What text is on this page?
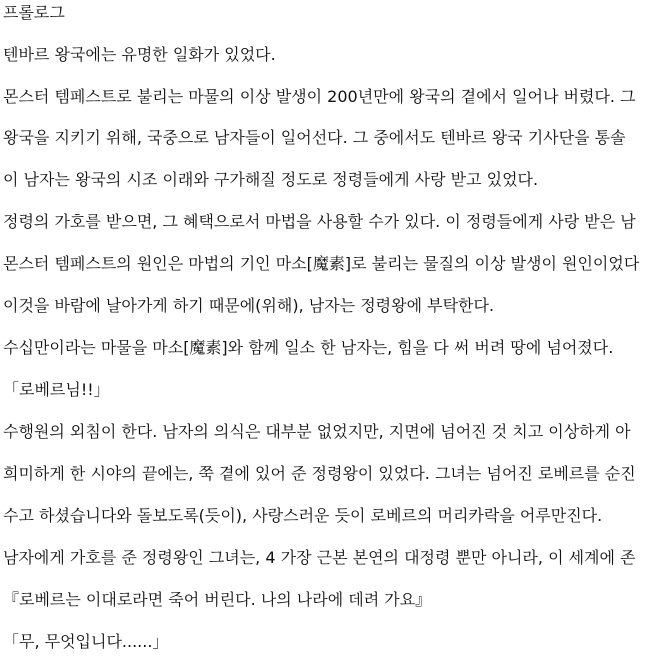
프롤로그
텐바르 왕국에는 유명한 일화가 있었다.
몬스터 템페스트로 불리는 마물의 이상 발생이 200년만에 왕국의 곁에서 일어나 버렸다. 그
왕국을 지키기 위해, 국중으로 남자들이 일어선다. 그 중에서도 텐바르 왕국 기사단을 통솔
이 남자는 왕국의 시조 이래와 구가해질 정도로 정령들에게 사랑 받고 있었다.
정령의 가호를 받으면, 그 혜택으로서 마법을 사용할 수가 있다. 이 정령들에게 사랑 받은 남
몬스터 템페스트의 원인은 마법의 기인 마소[魔素]로 불리는 물질의 이상 발생이 원인이었다
이것을 바람에 날아가게 하기 때문에(위해), 남자는 정령왕에 부탁한다.
수십만이라는 마물을 마소[魔素]와 함께 일소 한 남자는, 힘을 다 써 버려 땅에 넘어졌다.
「로베르님!!」
수행원의 외침이 한다. 남자의 의식은 대부분 없었지만, 지면에 넘어진 것 치고 이상하게 아
희미하게 한 시야의 끝에는, 쭉 곁에 있어 준 정령왕이 있었다. 그녀는 넘어진 로베르를 순진
수고 하셨습니다와 돌보도록(듯이), 사랑스러운 듯이 로베르의 머리카락을 어루만진다.
남자에게 가호를 준 정령왕인 그녀는, 4 가장 근본 본연의 대정령 뿐만 아니라, 이 세계에 존
『로베르는 이대로라면 죽어 버린다. 나의 나라에 데려 가요』
「무, 무엇입니다......」
